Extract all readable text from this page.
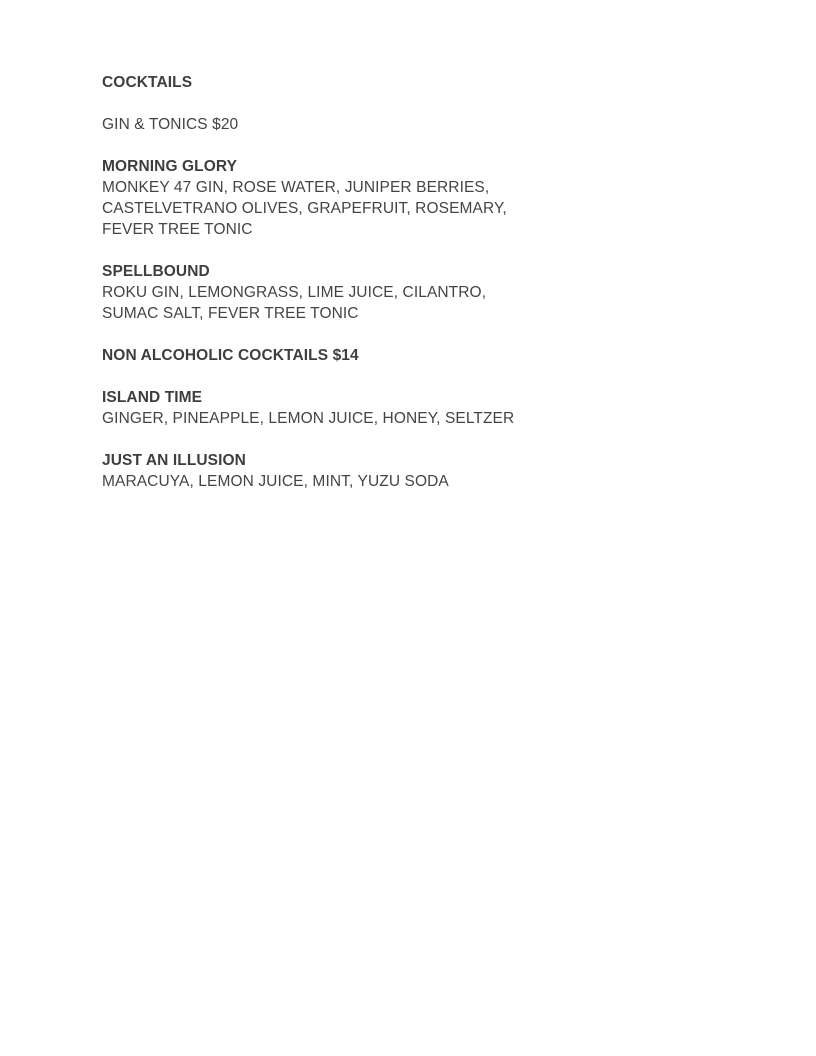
COCKTAILS
GIN & TONICS $20
MORNING GLORY
MONKEY 47 GIN, ROSE WATER, JUNIPER BERRIES,
CASTELVETRANO OLIVES, GRAPEFRUIT, ROSEMARY,
FEVER TREE TONIC
SPELLBOUND
ROKU GIN, LEMONGRASS, LIME JUICE, CILANTRO,
SUMAC SALT, FEVER TREE TONIC
NON ALCOHOLIC COCKTAILS $14
ISLAND TIME
GINGER, PINEAPPLE, LEMON JUICE, HONEY, SELTZER
JUST AN ILLUSION
MARACUYA, LEMON JUICE, MINT, YUZU SODA
